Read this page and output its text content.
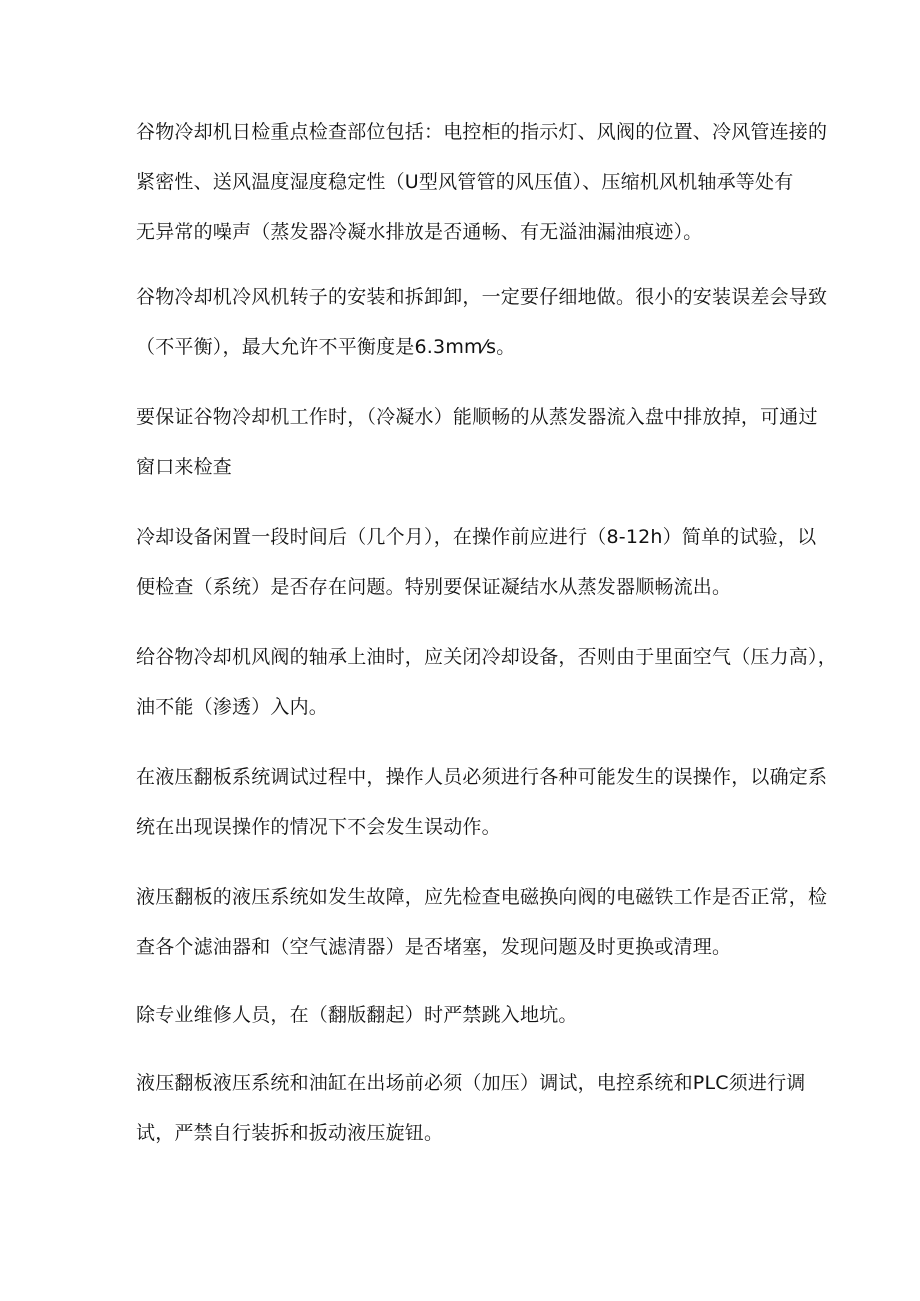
谷物冷却机日检重点检查部位包括：电控柜的指示灯、风阀的位置、冷风管连接的
紧密性、送风温度湿度稳定性（U型风管管的风压值）、压缩机风机轴承等处有
无异常的噪声（蒸发器冷凝水排放是否通畅、有无溢油漏油痕迹）。
谷物冷却机冷风机转子的安装和拆卸卸，一定要仔细地做。很小的安装误差会导致
（不平衡），最大允许不平衡度是6.3mm⁄s。
要保证谷物冷却机工作时，（冷凝水）能顺畅的从蒸发器流入盘中排放掉，可通过
窗口来检查
冷却设备闲置一段时间后（几个月），在操作前应进行（8-12h）简单的试验，以
便检查（系统）是否存在问题。特别要保证凝结水从蒸发器顺畅流出。
给谷物冷却机风阀的轴承上油时，应关闭冷却设备，否则由于里面空气（压力高），
油不能（渗透）入内。
在液压翻板系统调试过程中，操作人员必须进行各种可能发生的误操作，以确定系
统在出现误操作的情况下不会发生误动作。
液压翻板的液压系统如发生故障，应先检查电磁换向阀的电磁铁工作是否正常，检
查各个滤油器和（空气滤清器）是否堵塞，发现问题及时更换或清理。
除专业维修人员，在（翻版翻起）时严禁跳入地坑。
液压翻板液压系统和油缸在出场前必须（加压）调试，电控系统和PLC须进行调
试，严禁自行装拆和扳动液压旋钮。
